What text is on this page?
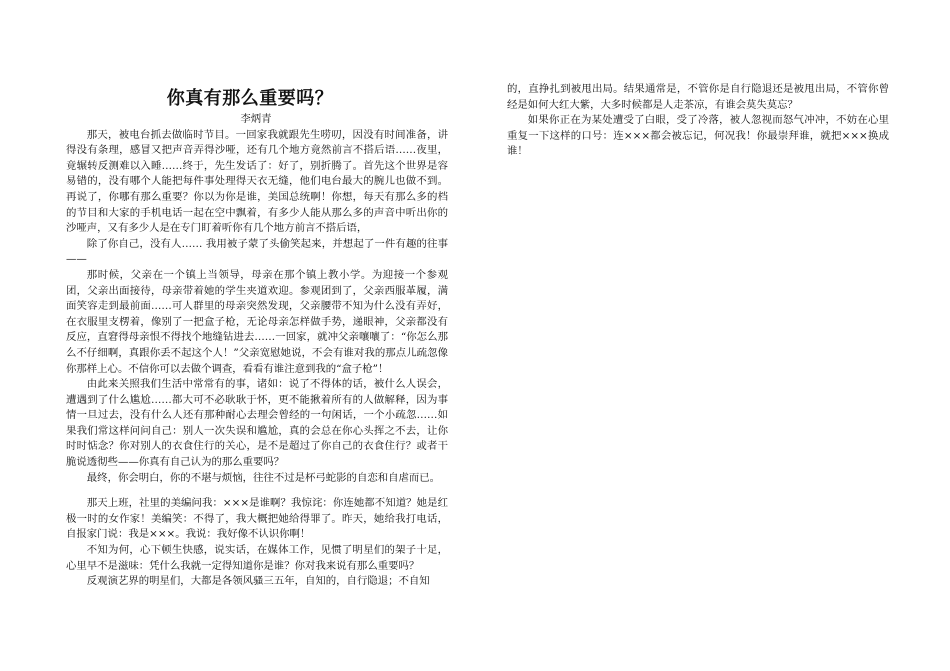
你真有那么重要吗？

李炳青

那天，被电台抓去做临时节目。一回家我就跟先生唠叨，因没有时间准备，讲得没有条理，感冒又把声音弄得沙哑，还有几个地方竟然前言不搭后语……夜里，竟辗转反测难以入睡……终于，先生发话了：好了，别折腾了。首先这个世界是容易错的，没有哪个人能把每件事处理得天衣无缝，他们电台最大的腕儿也做不到。再说了，你哪有那么重要？你以为你是谁，美国总统啊！你想，每天有那么多的档的节目和大家的手机电话一起在空中飘着，有多少人能从那么多的声音中听出你的沙哑声，又有多少人是在专门盯着听你有几个地方前言不搭后语，

除了你自己，没有人…… 我用被子蒙了头偷笑起来，并想起了一件有趣的往事——

那时候，父亲在一个镇上当领导，母亲在那个镇上教小学。为迎接一个参观团，父亲出面接待，母亲带着她的学生夹道欢迎。参观团到了，父亲西服革履，满面笑容走到最前面……可人群里的母亲突然发现，父亲腰带不知为什么没有弄好，在衣服里支楞着，像别了一把盒子枪，无论母亲怎样做手势，递眼神，父亲都没有反应，直窘得母亲恨不得找个地缝钻进去……一回家，就冲父亲嚷嚷了：“你怎么那么不仔细啊，真跟你丢不起这个人！”父亲宽慰她说，不会有谁对我的那点儿疏忽像你那样上心。不信你可以去做个调查，看看有谁注意到我的“盒子枪”！

由此来关照我们生活中常常有的事，诸如：说了不得体的话，被什么人误会，遭遇到了什么尴尬……都大可不必耿耿于怀，更不能揪着所有的人做解释，因为事情一旦过去，没有什么人还有那种耐心去理会曾经的一句闲话，一个小疏忽……如果我们常这样问问自己：别人一次失误和尴尬，真的会总在你心头挥之不去，让你时时惦念？你对别人的衣食住行的关心，是不是超过了你自己的衣食住行？或者干脆说透彻些——你真有自己认为的那么重要吗？

最终，你会明白，你的不堪与烦恼，往往不过是杯弓蛇影的自恋和自虐而已。

那天上班，社里的美编问我：×××是谁啊？我惊诧：你连她都不知道？她是红极一时的女作家！美编笑：不得了，我大概把她给得罪了。昨天，她给我打电话，自报家门说：我是×××。我说：我好像不认识你啊！

不知为何，心下顿生快感，说实话，在媒体工作，见惯了明星们的架子十足，心里早不是滋味：凭什么我就一定得知道你是谁？你对我来说有那么重要吗？

反观演艺界的明星们，大都是各领风骚三五年，自知的，自行隐退；不自知

的，直挣扎到被甩出局。结果通常是，不管你是自行隐退还是被甩出局，不管你曾经是如何大红大紫，大多时候都是人走茶凉，有谁会莫失莫忘？

如果你正在为某处遭受了白眼，受了冷落，被人忽视而怒气冲冲，不妨在心里重复一下这样的口号：连×××都会被忘记，何况我！你最崇拜谁，就把×××换成谁！
